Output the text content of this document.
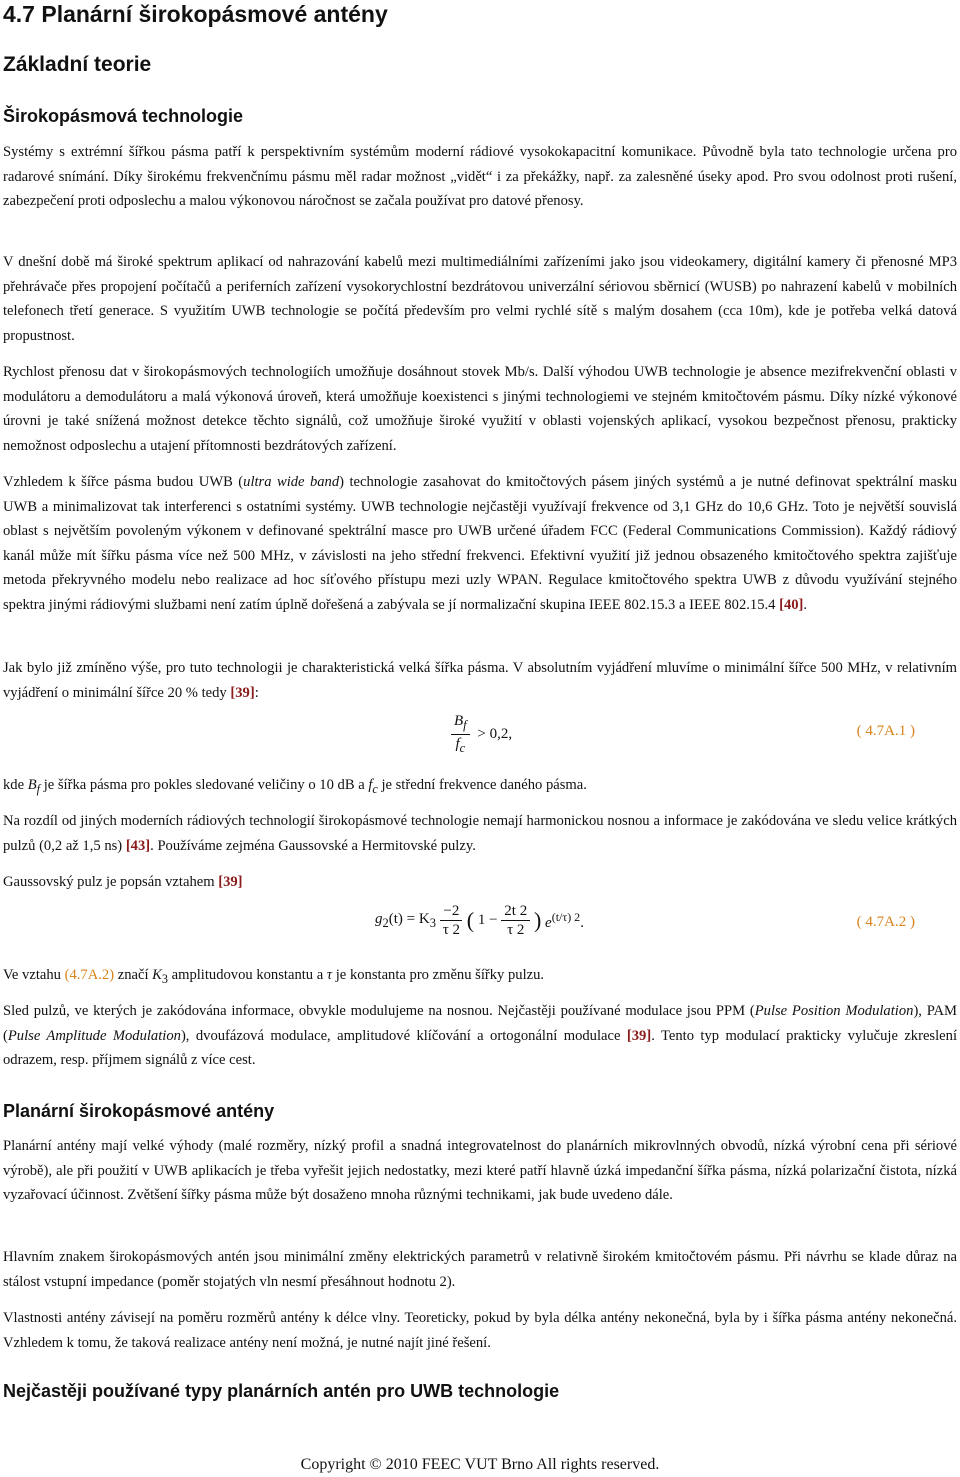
4.7 Planární širokopásmové antény
Základní teorie
Širokopásmová technologie

Systémy s extrémní šířkou pásma patří k perspektivním systémům moderní rádiové vysokokapacitní komunikace. Původně byla tato technologie určena pro radarové snímání. Díky širokému frekvenčnímu pásmu měl radar možnost „vidět“ i za překážky, např. za zalesněné úseky apod. Pro svou odolnost proti rušení, zabezpečení proti odposlechu a malou výkonovou náročnost se začala používat pro datové přenosy.

V dnešní době má široké spektrum aplikací od nahrazování kabelů mezi multimediálními zařízeními jako jsou videokamery, digitální kamery či přenosné MP3 přehrávače přes propojení počítačů a periferních zařízení vysokorychlostní bezdrátovou univerzální sériovou sběrnicí (WUSB) po nahrazení kabelů v mobilních telefonech třetí generace. S využitím UWB technologie se počítá především pro velmi rychlé sítě s malým dosahem (cca 10m), kde je potřeba velká datová propustnost.

Rychlost přenosu dat v širokopásmových technologiích umožňuje dosáhnout stovek Mb/s. Další výhodou UWB technologie je absence mezifrekvenční oblasti v modulátoru a demodulátoru a malá výkonová úroveň, která umožňuje koexistenci s jinými technologiemi ve stejném kmitočtovém pásmu. Díky nízké výkonové úrovni je také snížená možnost detekce těchto signálů, což umožňuje široké využití v oblasti vojenských aplikací, vysokou bezpečnost přenosu, prakticky nemožnost odposlechu a utajení přítomnosti bezdrátových zařízení.

Vzhledem k šířce pásma budou UWB (ultra wide band) technologie zasahovat do kmitočtových pásem jiných systémů a je nutné definovat spektrální masku UWB a minimalizovat tak interferenci s ostatními systémy. UWB technologie nejčastěji využívají frekvence od 3,1 GHz do 10,6 GHz. Toto je největší souvislá oblast s největším povoleným výkonem v definované spektrální masce pro UWB určené úřadem FCC (Federal Communications Commission). Každý rádiový kanál může mít šířku pásma více než 500 MHz, v závislosti na jeho střední frekvenci. Efektivní využití již jednou obsazeného kmitočtového spektra zajišťuje metoda překryvného modelu nebo realizace ad hoc síťového přístupu mezi uzly WPAN. Regulace kmitočtového spektra UWB z důvodu využívání stejného spektra jinými rádiovými službami není zatím úplně dořešená a zabývala se jí normalizační skupina IEEE 802.15.3 a IEEE 802.15.4 [40].

Jak bylo již zmíněno výše, pro tuto technologii je charakteristická velká šířka pásma. V absolutním vyjádření mluvíme o minimální šířce 500 MHz, v relativním vyjádření o minimální šířce 20 % tedy [39]:

$\frac{B_f}{f_c} > 0,2$,	( 4.7A.1 )

kde $B_f$ je šířka pásma pro pokles sledované veličiny o 10 dB a $f_c$ je střední frekvence daného pásma.

Na rozdíl od jiných moderních rádiových technologií širokopásmové technologie nemají harmonickou nosnou a informace je zakódována ve sledu velice krátkých pulzů (0,2 až 1,5 ns) [43]. Používáme zejména Gaussovské a Hermitovské pulzy.

Gaussovský pulz je popsán vztahem [39]

$g_2(t) = K_3 \frac{-2}{\tau 2}$ ( $1 - \frac{2t 2}{\tau 2}$ ) $e^{(t/\tau) 2}$.	( 4.7A.2 )

Ve vztahu (4.7A.2) značí $K_3$ amplitudovou konstantu a τ je konstanta pro změnu šířky pulzu.

Sled pulzů, ve kterých je zakódována informace, obvykle modulujeme na nosnou. Nejčastěji používané modulace jsou PPM (Pulse Position Modulation), PAM (Pulse Amplitude Modulation), dvoufázová modulace, amplitudové klíčování a ortogonální modulace [39]. Tento typ modulací prakticky vylučuje zkreslení odrazem, resp. příjmem signálů z více cest.

Planární širokopásmové antény

Planární antény mají velké výhody (malé rozměry, nízký profil a snadná integrovatelnost do planárních mikrovlnných obvodů, nízká výrobní cena při sériové výrobě), ale při použití v UWB aplikacích je třeba vyřešit jejich nedostatky, mezi které patří hlavně úzká impedanční šířka pásma, nízká polarizační čistota, nízká vyzařovací účinnost. Zvětšení šířky pásma může být dosaženo mnoha různými technikami, jak bude uvedeno dále.

Hlavním znakem širokopásmových antén jsou minimální změny elektrických parametrů v relativně širokém kmitočtovém pásmu. Při návrhu se klade důraz na stálost vstupní impedance (poměr stojatých vln nesmí přesáhnout hodnotu 2).

Vlastnosti antény závisejí na poměru rozměrů antény k délce vlny. Teoreticky, pokud by byla délka antény nekonečná, byla by i šířka pásma antény nekonečná. Vzhledem k tomu, že taková realizace antény není možná, je nutné najít jiné řešení.

Nejčastěji používané typy planárních antén pro UWB technologie
Copyright © 2010 FEEC VUT Brno All rights reserved.
